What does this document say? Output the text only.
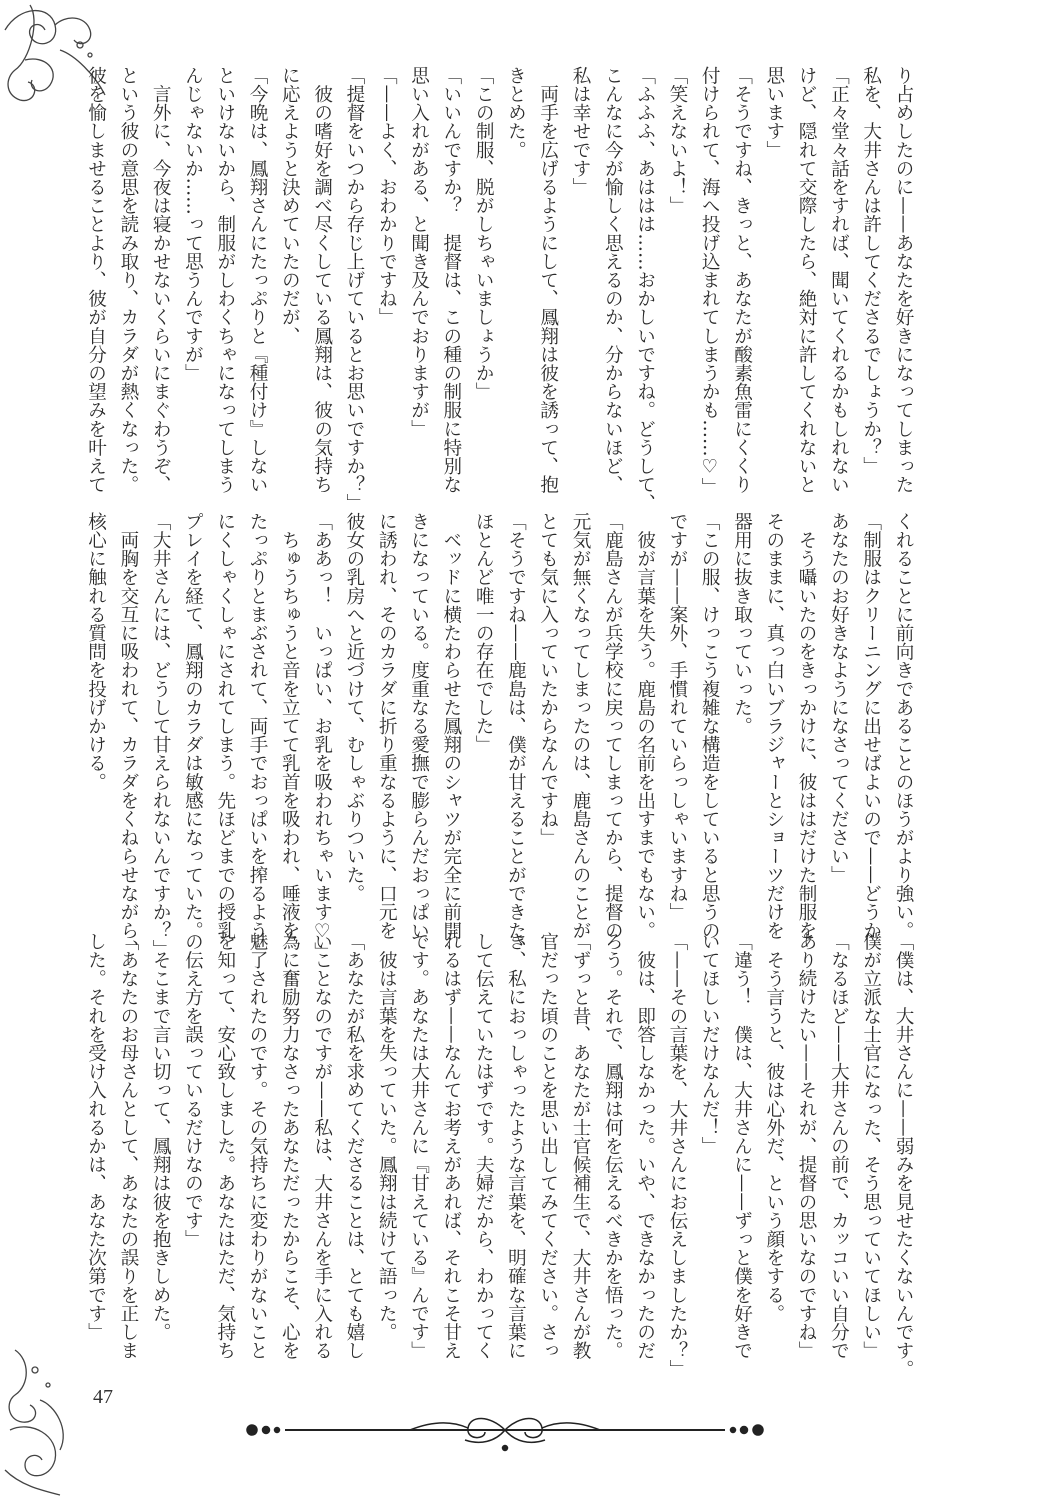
47
り占めしたのに——あなたを好きになってしまった
私を、大井さんは許してくださるでしょうか？」
「正々堂々話をすれば、聞いてくれるかもしれない
けど、隠れて交際したら、絶対に許してくれないと
思います」
「そうですね、きっと、あなたが酸素魚雷にくくり
付けられて、海へ投げ込まれてしまうかも……♡」
「笑えないよ！」
「ふふふ、あははは……おかしいですね。どうして、
こんなに今が愉しく思えるのか、分からないほど、
私は幸せです」
　両手を広げるようにして、鳳翔は彼を誘って、抱
きとめた。
「この制服、脱がしちゃいましょうか」
「いいんですか？　提督は、この種の制服に特別な
思い入れがある、と聞き及んでおりますが」
「——よく、おわかりですね」
「提督をいつから存じ上げているとお思いですか？」
　彼の嗜好を調べ尽くしている鳳翔は、彼の気持ち
に応えようと決めていたのだが、
「今晩は、鳳翔さんにたっぷりと『種付け』しない
といけないから、制服がしわくちゃになってしまう
んじゃないか……って思うんですが」
　言外に、今夜は寝かせないくらいにまぐわうぞ、
という彼の意思を読み取り、カラダが熱くなった。
彼を愉しませることより、彼が自分の望みを叶えて
くれることに前向きであることのほうがより強い。
「制服はクリーニングに出せばよいので——どうか
あなたのお好きなようになさってください」
　そう囁いたのをきっかけに、彼ははだけた制服を
そのままに、真っ白いブラジャーとショーツだけを
器用に抜き取っていった。
「この服、けっこう複雑な構造をしていると思うの
ですが——案外、手慣れていらっしゃいますね」
　彼が言葉を失う。鹿島の名前を出すまでもない。
「鹿島さんが兵学校に戻ってしまってから、提督の
元気が無くなってしまったのは、鹿島さんのことが
とても気に入っていたからなんですね」
「そうですね——鹿島は、僕が甘えることができた、
ほとんど唯一の存在でした」
　ベッドに横たわらせた鳳翔のシャツが完全に前開
きになっている。度重なる愛撫で膨らんだおっぱい
に誘われ、そのカラダに折り重なるように、口元を
彼女の乳房へと近づけて、むしゃぶりついた。
「ああっ！　いっぱい、お乳を吸われちゃいます♡」
　ちゅうちゅうと音を立てて乳首を吸われ、唾液を
たっぷりとまぶされて、両手でおっぱいを搾るよう
にくしゃくしゃにされてしまう。先ほどまでの授乳
プレイを経て、鳳翔のカラダは敏感になっていた。
「大井さんには、どうして甘えられないんですか？」
　両胸を交互に吸われて、カラダをくねらせながら、
核心に触れる質問を投げかける。
「僕は、大井さんに——弱みを見せたくないんです。
僕が立派な士官になった、そう思っていてほしい」
「なるほど——大井さんの前で、カッコいい自分で
あり続けたい——それが、提督の思いなのですね」
　そう言うと、彼は心外だ、という顔をする。
「違う！　僕は、大井さんに——ずっと僕を好きで
いてほしいだけなんだ！」
「——その言葉を、大井さんにお伝えしましたか？」
　彼は、即答しなかった。いや、できなかったのだ
ろう。それで、鳳翔は何を伝えるべきかを悟った。
「ずっと昔、あなたが士官候補生で、大井さんが教
官だった頃のことを思い出してみてください。さっ
き、私におっしゃったような言葉を、明確な言葉に
して伝えていたはずです。夫婦だから、わかってく
れるはず——なんてお考えがあれば、それこそ甘え
です。あなたは大井さんに『甘えている』んです」
　彼は言葉を失っていた。鳳翔は続けて語った。
「あなたが私を求めてくださることは、とても嬉し
いことなのですが——私は、大井さんを手に入れる
為に奮励努力なさったあなただったからこそ、心を
魅了されたのです。その気持ちに変わりがないこと
を知って、安心致しました。あなたはただ、気持ち
の伝え方を誤っているだけなのです」
　そこまで言い切って、鳳翔は彼を抱きしめた。
「あなたのお母さんとして、あなたの誤りを正しま
した。それを受け入れるかは、あなた次第です」
